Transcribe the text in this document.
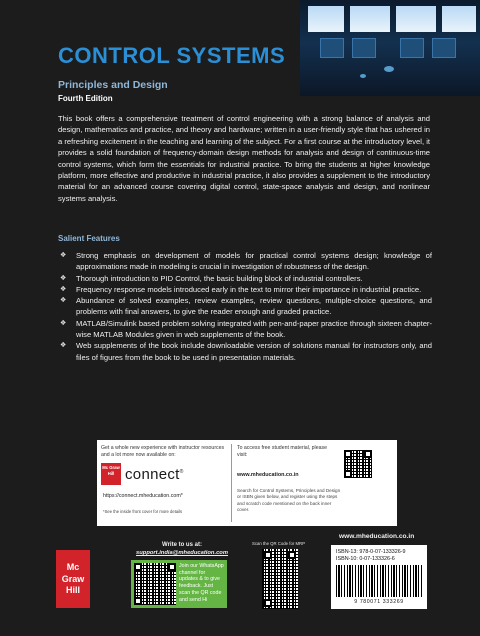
CONTROL SYSTEMS
Principles and Design
Fourth Edition

This book offers a comprehensive treatment of control engineering with a strong balance of analysis and design, mathematics and practice, and theory and hardware; written in a user-friendly style that has ushered in a refreshing excitement in the teaching and learning of the subject. For a first course at the introductory level, it provides a solid foundation of frequency-domain design methods for analysis and design of continuous-time control systems, which form the essentials for industrial practice. To bring the students at higher knowledge platform, more effective and productive in industrial practice, it also provides a supplement to the introductory material for an advanced course covering digital control, state-space analysis and design, and nonlinear systems analysis.

Salient Features
❖ Strong emphasis on development of models for practical control systems design; knowledge of approximations made in modeling is crucial in investigation of robustness of the design.
❖ Thorough introduction to PID Control, the basic building block of industrial controllers.
❖ Frequency response models introduced early in the text to mirror their importance in industrial practice.
❖ Abundance of solved examples, review examples, review questions, multiple-choice questions, and problems with final answers, to give the reader enough and graded practice.
❖ MATLAB/Simulink based problem solving integrated with pen-and-paper practice through sixteen chapter-wise MATLAB Modules given in web supplements of the book.
❖ Web supplements of the book include downloadable version of solutions manual for instructors only, and files of figures from the book to be used in presentation materials.
Get a whole new experience with instructor resources and a lot more now available on:
Mc Graw Hill connect®
https://connect.mheducation.com*
*See the inside front cover for more details
To access free student material, please visit:
www.mheducation.co.in
Search for Control Systems, Principles and Design or ISBN given below, and register using the steps and scratch code mentioned on the back inner cover.
Mc Graw Hill
Write to us at:
support.india@mheducation.com
Join our WhatsApp channel for updates & to give feedback. Just scan the QR code and send Hi
Scan the QR Code for MRP
www.mheducation.co.in
ISBN-13: 978-0-07-133326-9
ISBN-10: 0-07-133326-6
9 780071 333269
